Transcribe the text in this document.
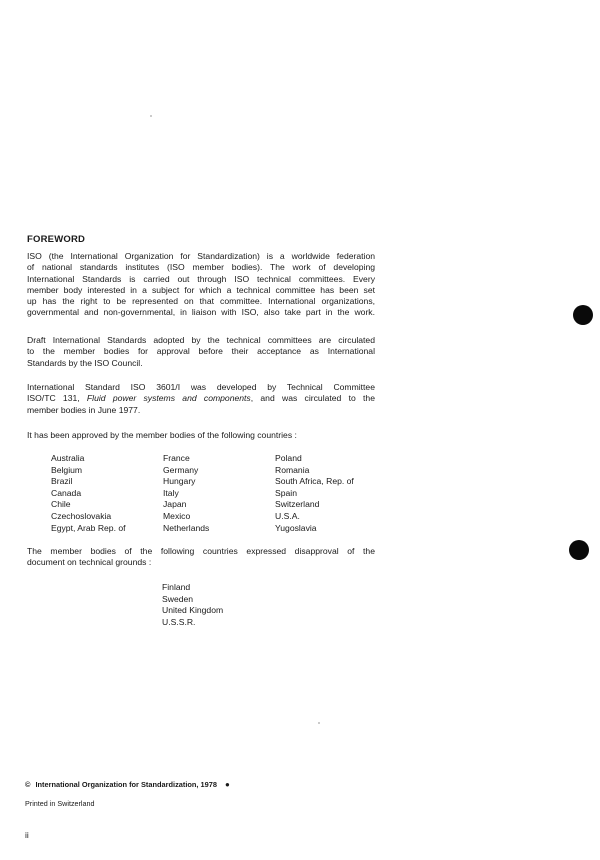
FOREWORD
ISO (the International Organization for Standardization) is a worldwide federation
of national standards institutes (ISO member bodies). The work of developing
International Standards is carried out through ISO technical committees. Every
member body interested in a subject for which a technical committee has been set
up has the right to be represented on that committee. International organizations,
governmental and non-governmental, in liaison with ISO, also take part in the work.
Draft International Standards adopted by the technical committees are circulated
to the member bodies for approval before their acceptance as International
Standards by the ISO Council.
International Standard ISO 3601/I was developed by Technical Committee
ISO/TC 131, Fluid power systems and components, and was circulated to the
member bodies in June 1977.
It has been approved by the member bodies of the following countries :
Australia
Belgium
Brazil
Canada
Chile
Czechoslovakia
Egypt, Arab Rep. of
France
Germany
Hungary
Italy
Japan
Mexico
Netherlands
Poland
Romania
South Africa, Rep. of
Spain
Switzerland
U.S.A.
Yugoslavia
The member bodies of the following countries expressed disapproval of the
document on technical grounds :
Finland
Sweden
United Kingdom
U.S.S.R.
© International Organization for Standardization, 1978 ●
Printed in Switzerland
ii
